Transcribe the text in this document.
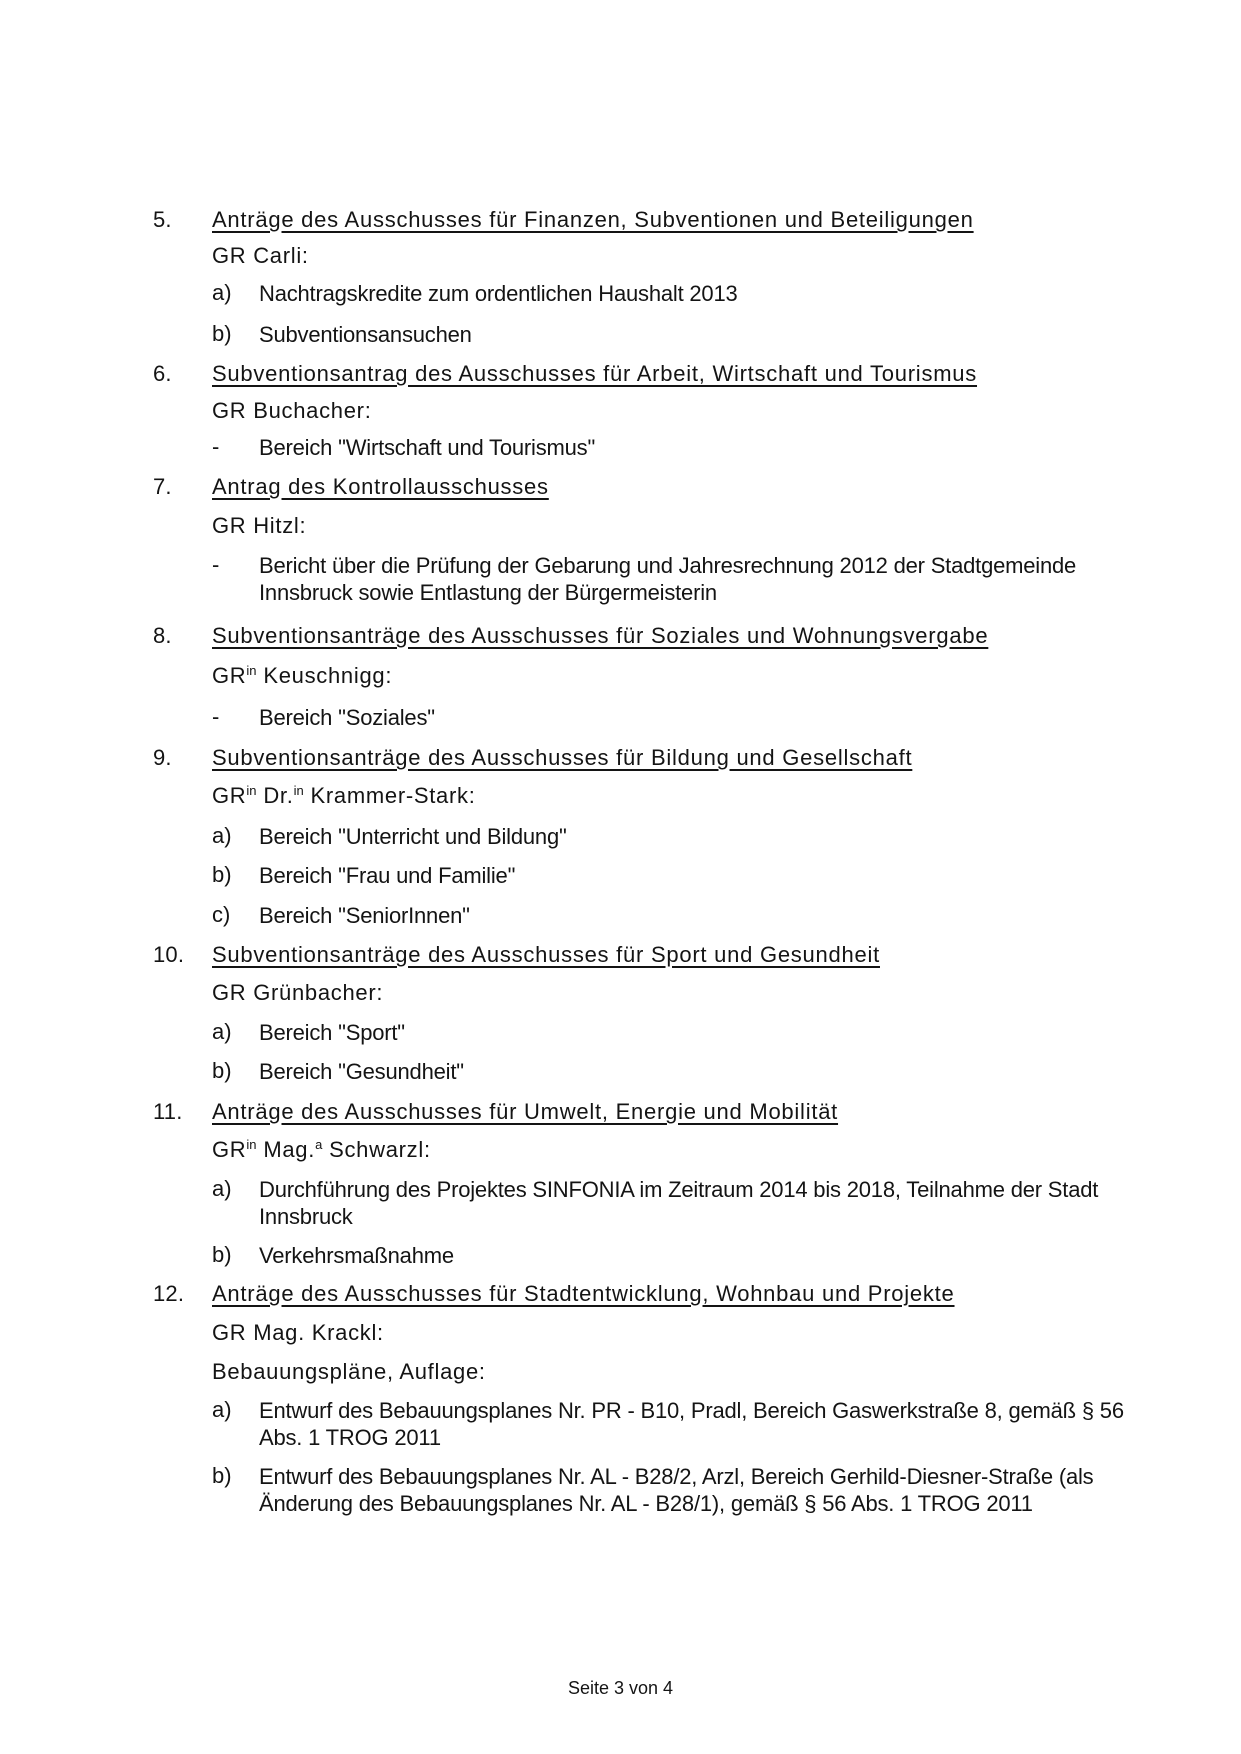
5. Anträge des Ausschusses für Finanzen, Subventionen und Beteiligungen
GR Carli:
a) Nachtragskredite zum ordentlichen Haushalt 2013
b) Subventionsansuchen
6. Subventionsantrag des Ausschusses für Arbeit, Wirtschaft und Tourismus
GR Buchacher:
- Bereich "Wirtschaft und Tourismus"
7. Antrag des Kontrollausschusses
GR Hitzl:
- Bericht über die Prüfung der Gebarung und Jahresrechnung 2012 der Stadtgemeinde Innsbruck sowie Entlastung der Bürgermeisterin
8. Subventionsanträge des Ausschusses für Soziales und Wohnungsvergabe
$GR^{in}$ Keuschnigg:
- Bereich "Soziales"
9. Subventionsanträge des Ausschusses für Bildung und Gesellschaft
$GR^{in}$ Dr.$^{in}$ Krammer-Stark:
a) Bereich "Unterricht und Bildung"
b) Bereich "Frau und Familie"
c) Bereich "SeniorInnen"
10. Subventionsanträge des Ausschusses für Sport und Gesundheit
GR Grünbacher:
a) Bereich "Sport"
b) Bereich "Gesundheit"
11. Anträge des Ausschusses für Umwelt, Energie und Mobilität
$GR^{in}$ Mag.$^a$ Schwarzl:
a) Durchführung des Projektes SINFONIA im Zeitraum 2014 bis 2018, Teilnahme der Stadt Innsbruck
b) Verkehrsmaßnahme
12. Anträge des Ausschusses für Stadtentwicklung, Wohnbau und Projekte
GR Mag. Krackl:
Bebauungspläne, Auflage:
a) Entwurf des Bebauungsplanes Nr. PR - B10, Pradl, Bereich Gaswerkstraße 8, gemäß § 56 Abs. 1 TROG 2011
b) Entwurf des Bebauungsplanes Nr. AL - B28/2, Arzl, Bereich Gerhild-Diesner-Straße (als Änderung des Bebauungsplanes Nr. AL - B28/1), gemäß § 56 Abs. 1 TROG 2011
Seite 3 von 4
